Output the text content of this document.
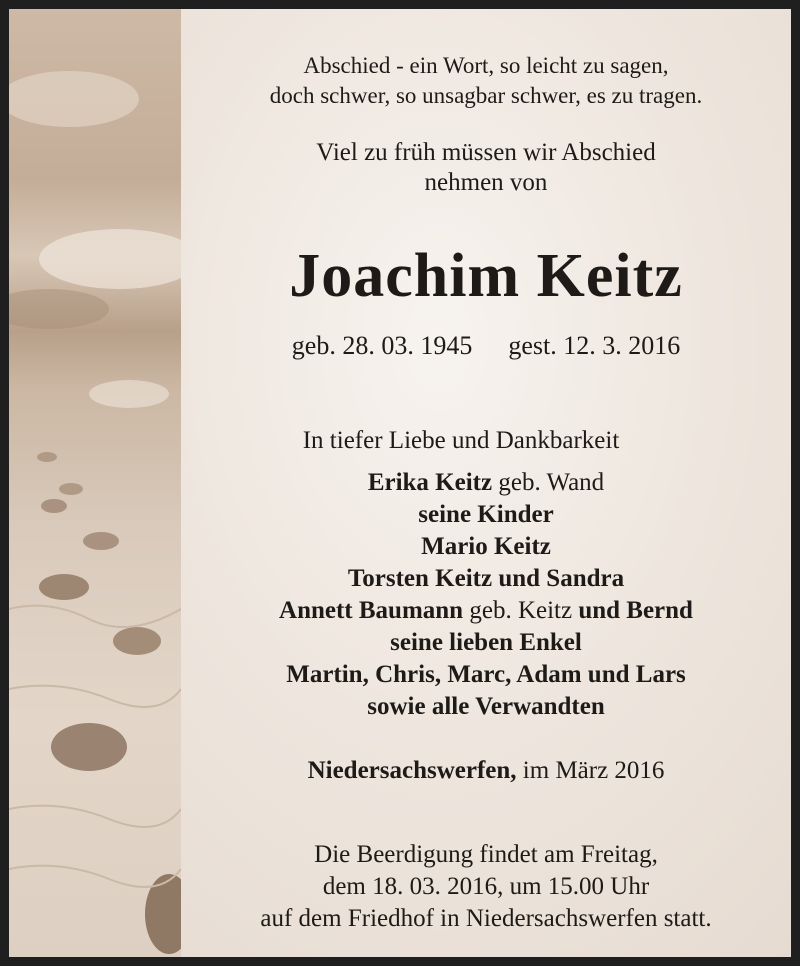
Abschied - ein Wort, so leicht zu sagen,
doch schwer, so unsagbar schwer, es zu tragen.
Viel zu früh müssen wir Abschied
nehmen von
Joachim Keitz
geb. 28. 03. 1945 gest. 12. 3. 2016
In tiefer Liebe und Dankbarkeit
Erika Keitz geb. Wand
seine Kinder
Mario Keitz
Torsten Keitz und Sandra
Annett Baumann geb. Keitz und Bernd
seine lieben Enkel
Martin, Chris, Marc, Adam und Lars
sowie alle Verwandten
Niedersachswerfen, im März 2016
Die Beerdigung findet am Freitag,
dem 18. 03. 2016, um 15.00 Uhr
auf dem Friedhof in Niedersachswerfen statt.
